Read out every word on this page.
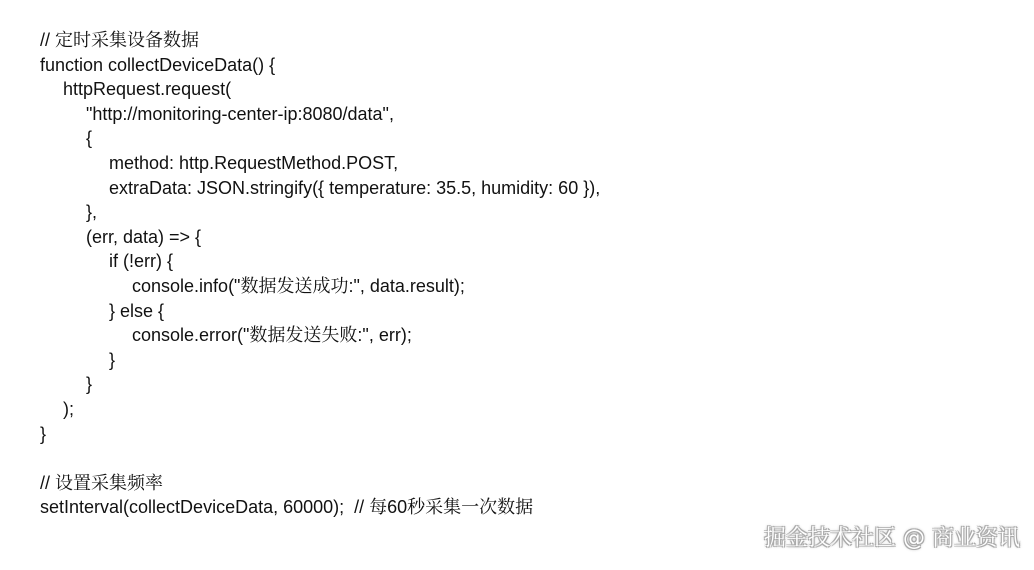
// 定时采集设备数据
function collectDeviceData() {
httpRequest.request(
"http://monitoring-center-ip:8080/data",
{
method: http.RequestMethod.POST,
extraData: JSON.stringify({ temperature: 35.5, humidity: 60 }),
},
(err, data) => {
if (!err) {
console.info("数据发送成功:", data.result);
} else {
console.error("数据发送失败:", err);
}
}
);
}
// 设置采集频率
setInterval(collectDeviceData, 60000);  // 每60秒采集一次数据
掘金技术社区 @ 商业资讯
